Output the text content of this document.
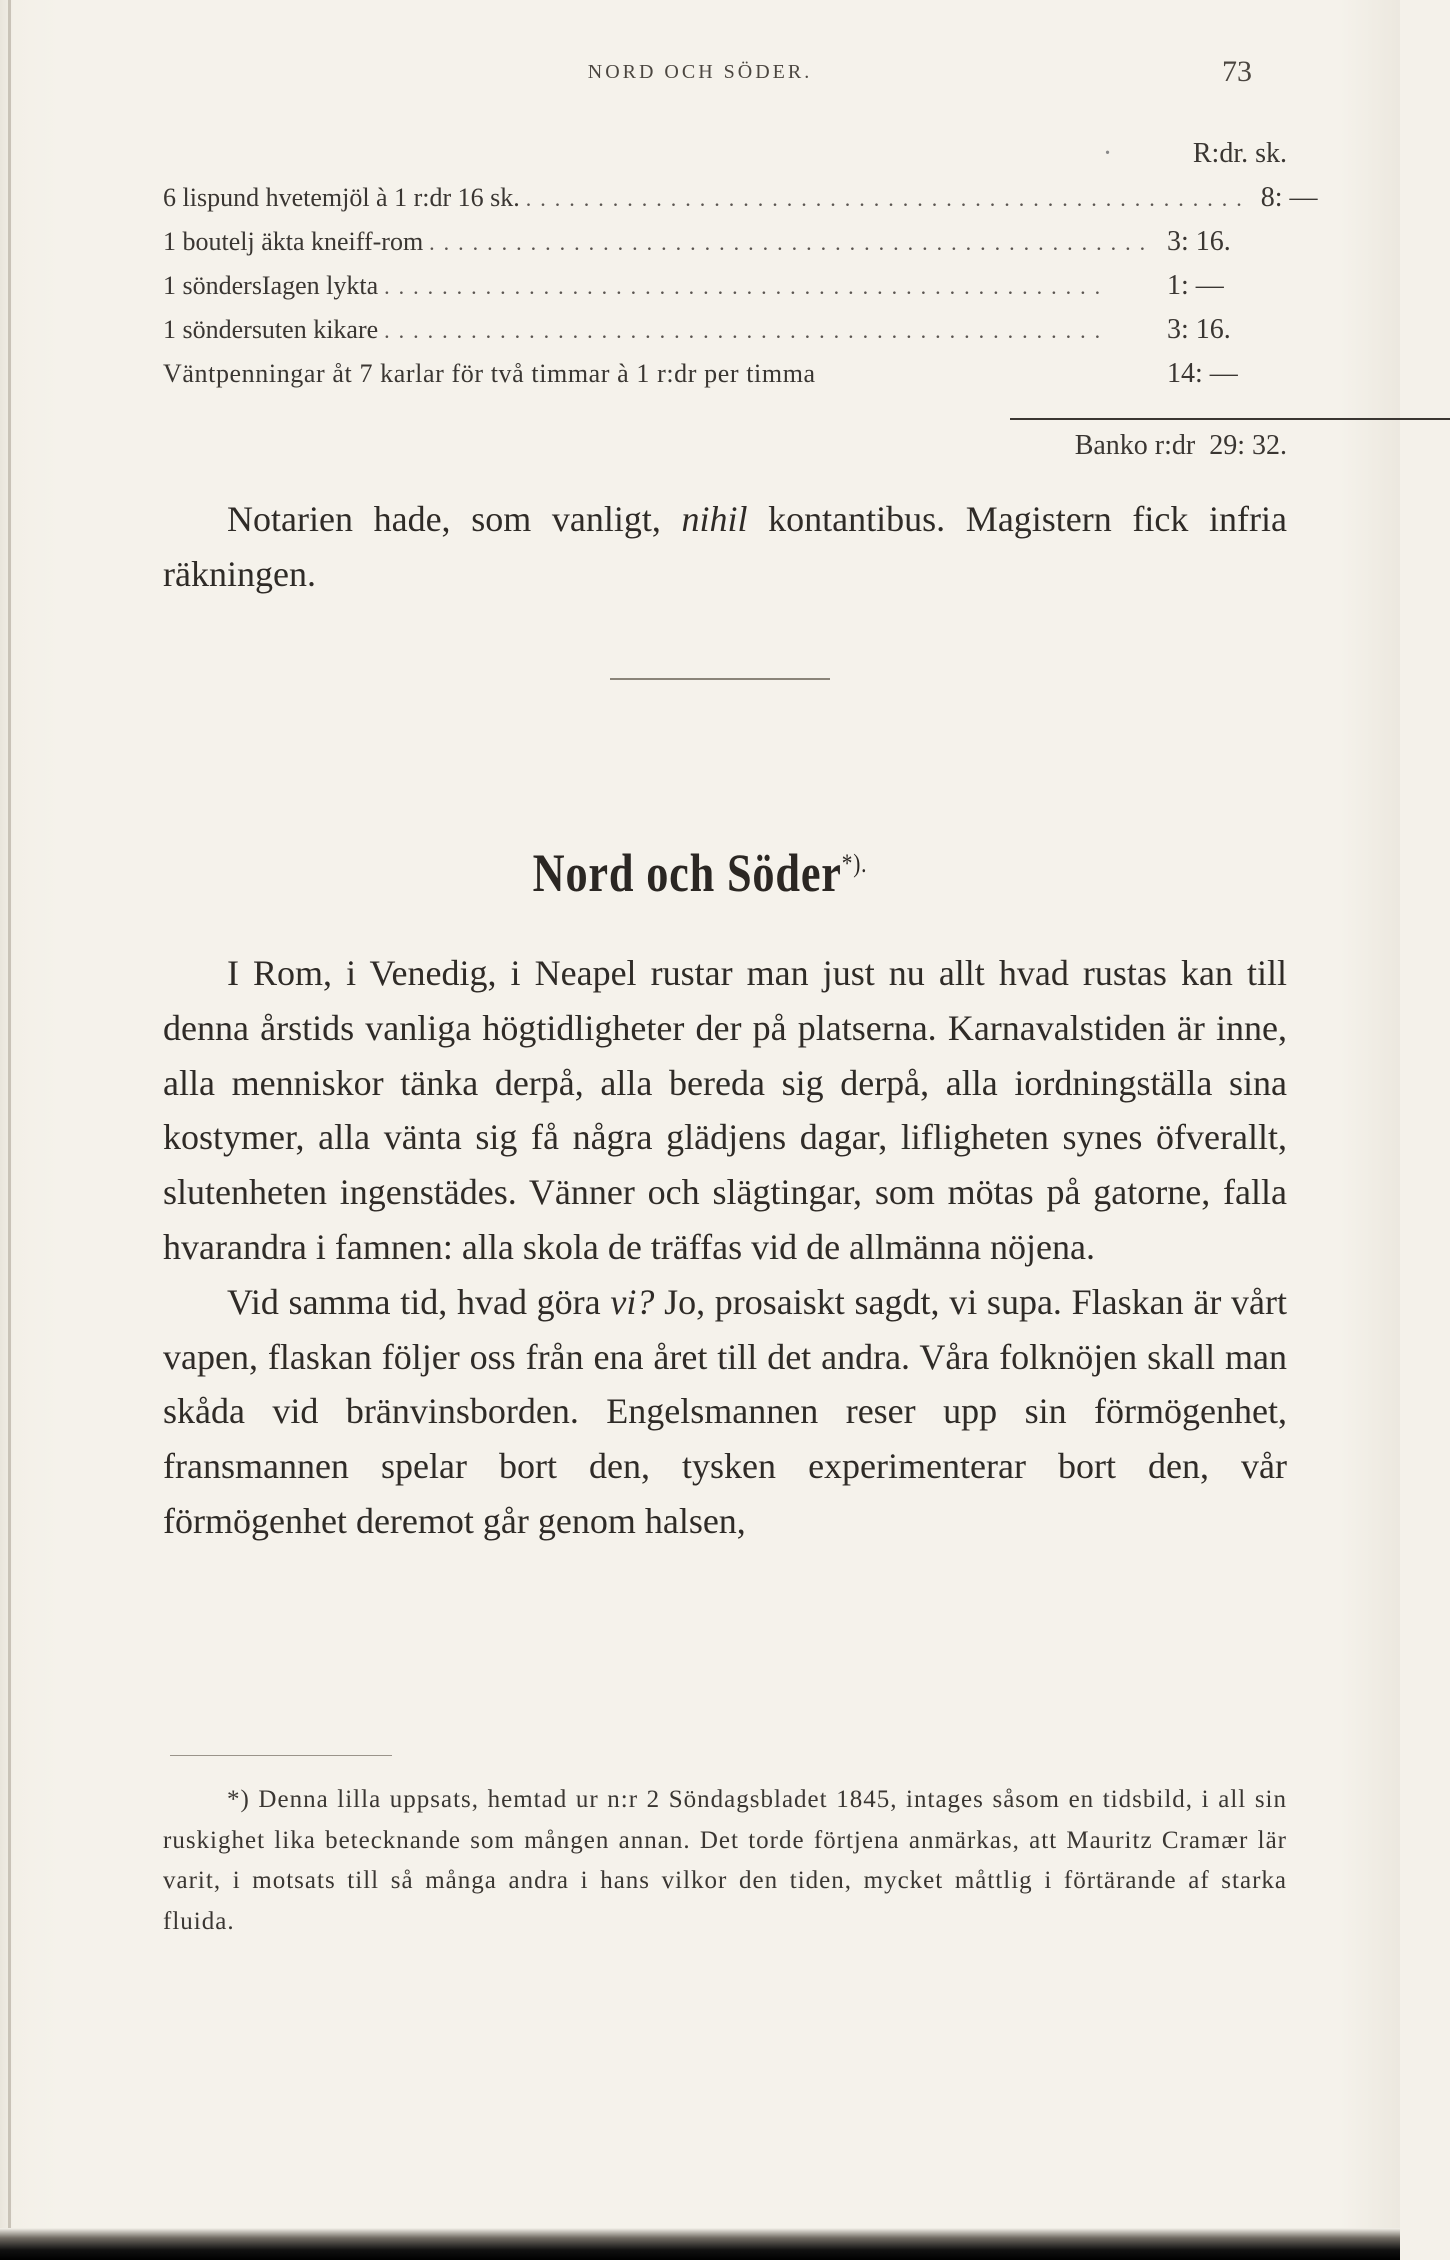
NORD OCH SÖDER.	73
·	R:dr. sk.
6 lispund hvetemjöl à 1 r:dr 16 sk. .................................................. 8: —
1 boutelj äkta kneiff-rom .................................................. 3: 16.
1 söndersIagen lykta ..................................................	1: —
1 söndersuten kikare ..................................................	3: 16.
Väntpenningar åt 7 karlar för två timmar à 1 r:dr per timma	14: —
Banko r:dr 29: 32.
Notarien hade, som vanligt, nihil kontantibus. Magistern fick infria räkningen.
Nord och Söder*).
I Rom, i Venedig, i Neapel rustar man just nu allt hvad rustas kan till denna årstids vanliga högtidligheter der på platserna. Karnavalstiden är inne, alla menniskor tänka derpå, alla bereda sig derpå, alla iordningställa sina kostymer, alla vänta sig få några glädjens dagar, lifligheten synes öfverallt, slutenheten ingenstädes. Vänner och slägtingar, som mötas på gatorne, falla hvarandra i famnen: alla skola de träffas vid de allmänna nöjena.
Vid samma tid, hvad göra vi? Jo, prosaiskt sagdt, vi supa. Flaskan är vårt vapen, flaskan följer oss från ena året till det andra. Våra folknöjen skall man skåda vid bränvinsborden. Engelsmannen reser upp sin förmögenhet, fransmannen spelar bort den, tysken experimenterar bort den, vår förmögenhet deremot går genom halsen,
*) Denna lilla uppsats, hemtad ur n:r 2 Söndagsbladet 1845, intages såsom en tidsbild, i all sin ruskighet lika betecknande som mången annan. Det torde förtjena anmärkas, att Mauritz Cramær lär varit, i motsats till så många andra i hans vilkor den tiden, mycket måttlig i förtärande af starka fluida.
